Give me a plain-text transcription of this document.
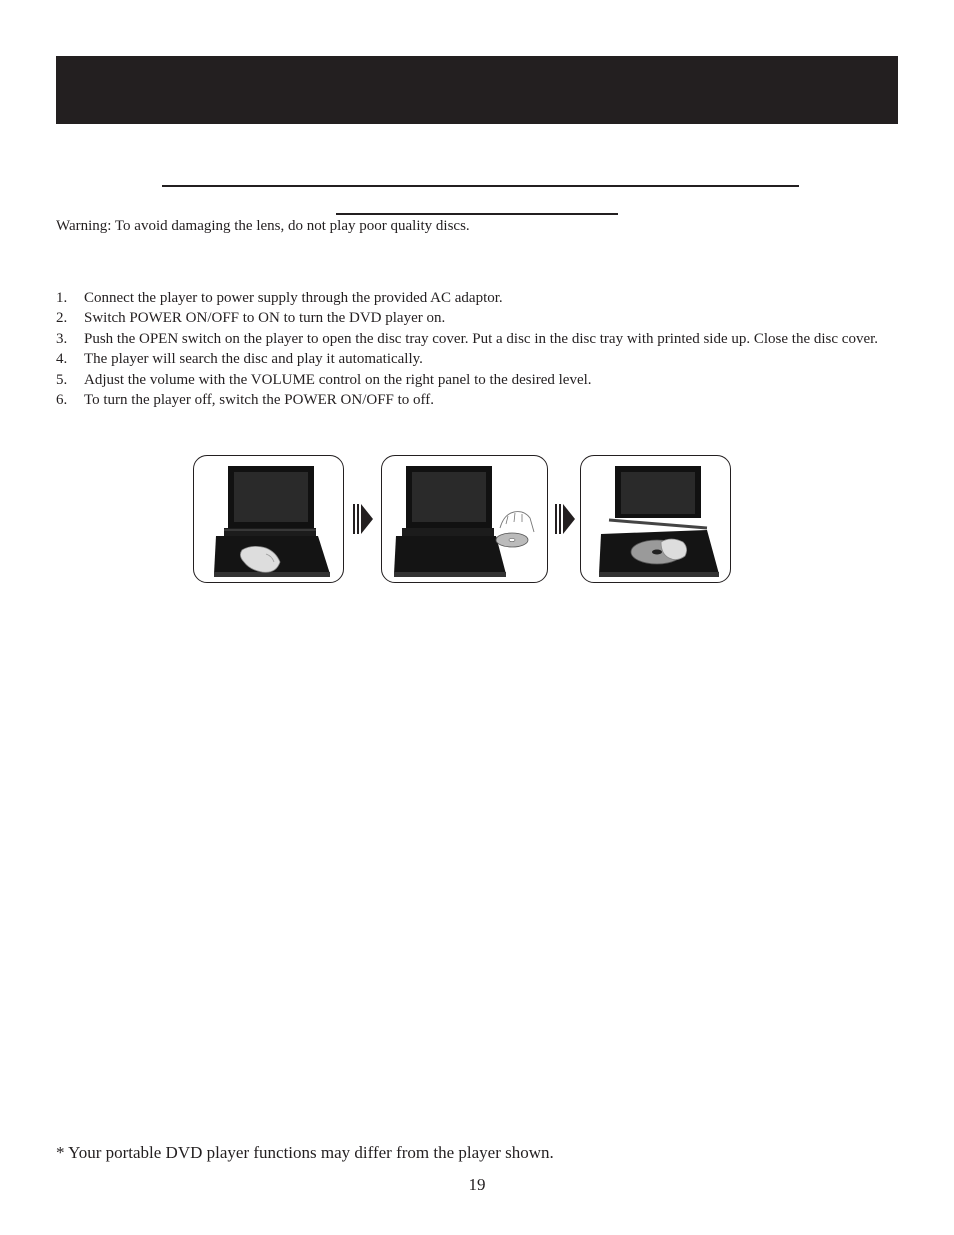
Warning: To avoid damaging the lens, do not play poor quality discs.

1. Connect the player to power supply through the provided AC adaptor.
2. Switch POWER ON/OFF to ON to turn the DVD player on.
3. Push the OPEN switch on the player to open the disc tray cover. Put a disc in the disc tray with printed side up. Close the disc cover.
4. The player will search the disc and play it automatically.
5. Adjust the volume with the VOLUME control on the right panel to the desired level.
6. To turn the player off, switch the POWER ON/OFF to off.

* Your portable DVD player functions may differ from the player shown.

19
